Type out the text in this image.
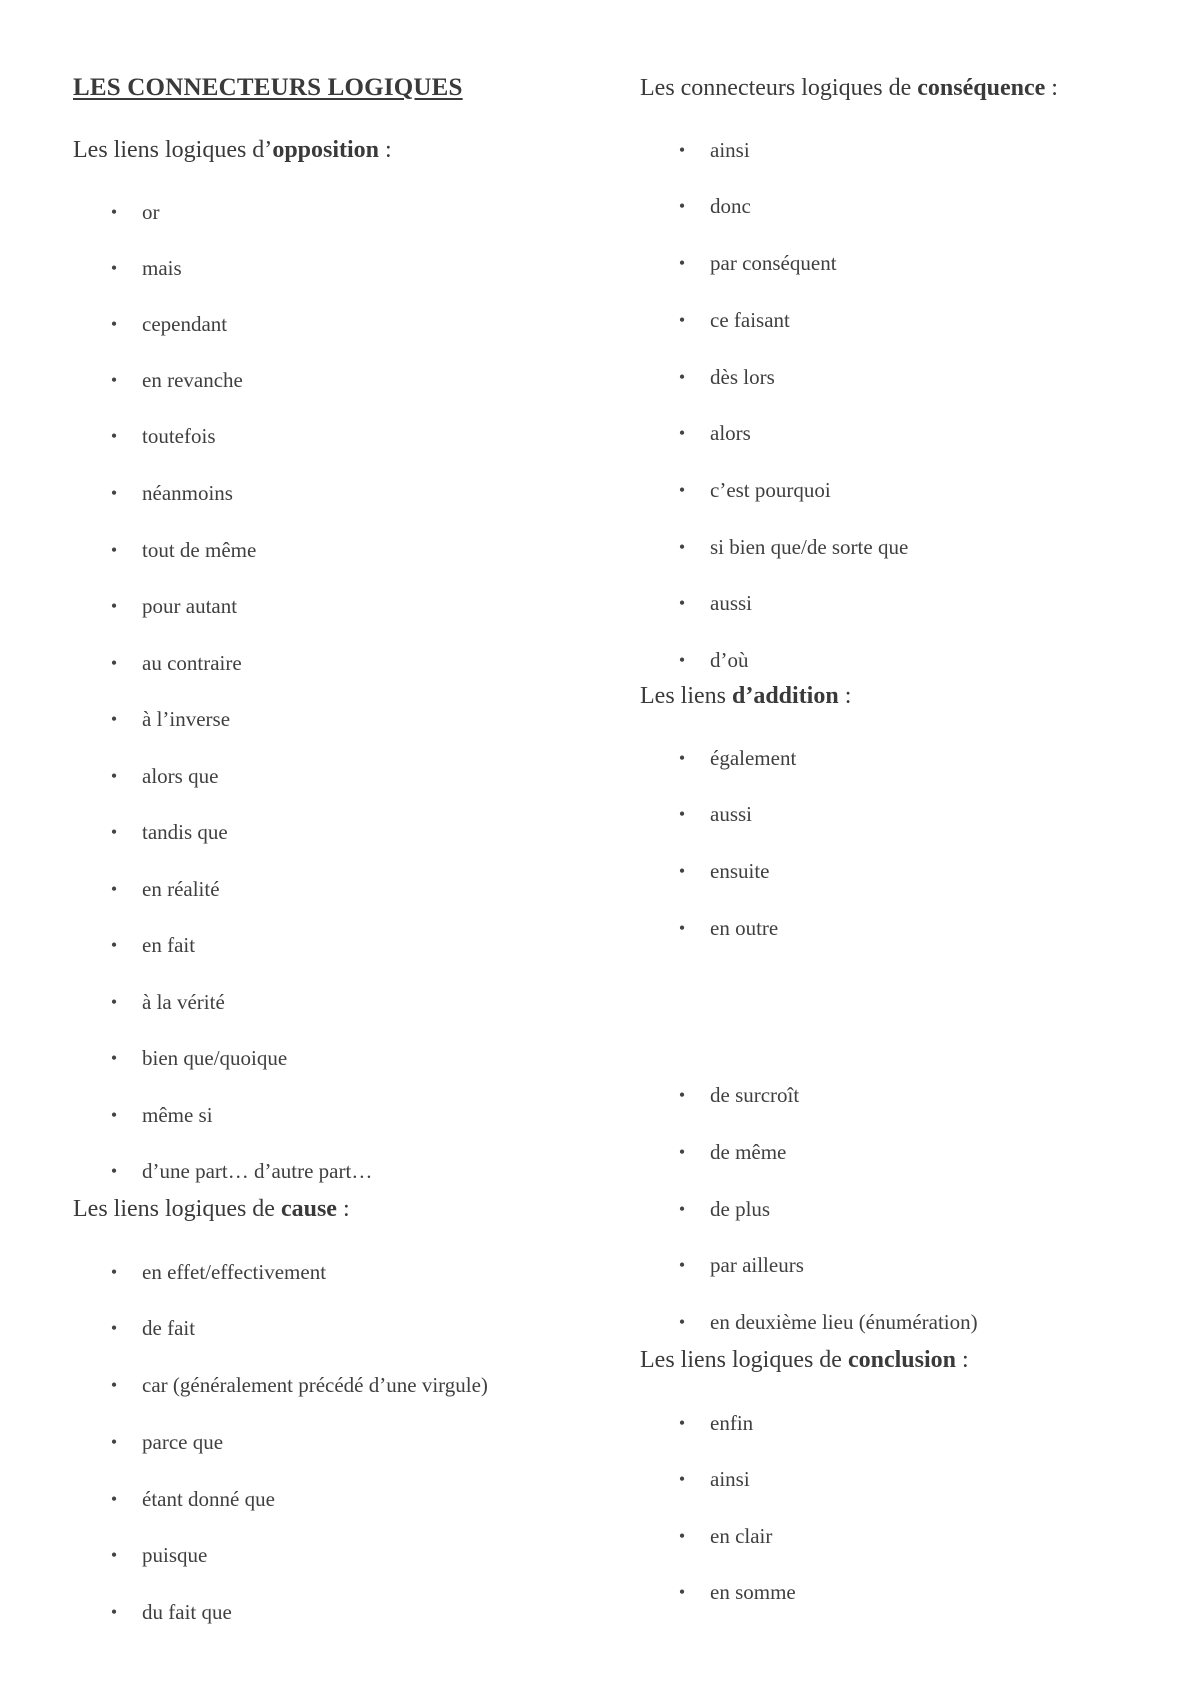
LES CONNECTEURS LOGIQUES
Les liens logiques d’opposition :
•	or
•	mais
•	cependant
•	en revanche
•	toutefois
•	néanmoins
•	tout de même
•	pour autant
•	au contraire
•	à l’inverse
•	alors que
•	tandis que
•	en réalité
•	en fait
•	à la vérité
•	bien que/quoique
•	même si
•	d’une part… d’autre part…
Les liens logiques de cause :
•	en effet/effectivement
•	de fait
•	car (généralement précédé d’une virgule)
•	parce que
•	étant donné que
•	puisque
•	du fait que
Les connecteurs logiques de conséquence :
•	ainsi
•	donc
•	par conséquent
•	ce faisant
•	dès lors
•	alors
•	c’est pourquoi
•	si bien que/de sorte que
•	aussi
•	d’où
Les liens d’addition :
•	également
•	aussi
•	ensuite
•	en outre
•	de surcroît
•	de même
•	de plus
•	par ailleurs
•	en deuxième lieu (énumération)
Les liens logiques de conclusion :
•	enfin
•	ainsi
•	en clair
•	en somme
